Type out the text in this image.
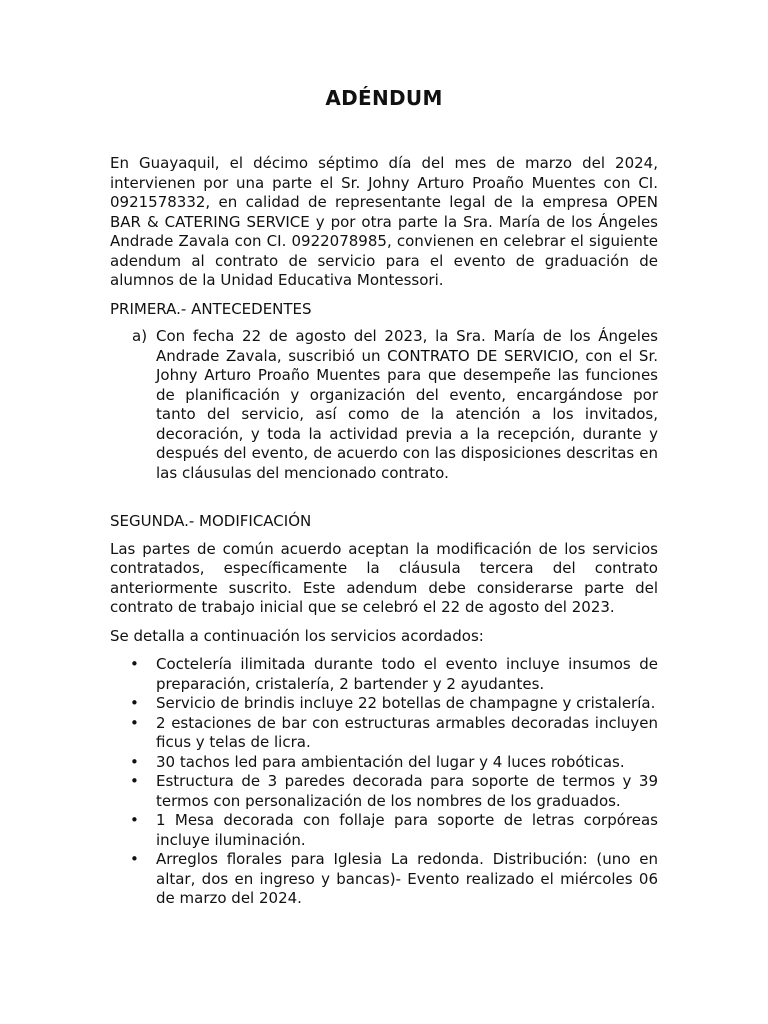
ADÉNDUM

En Guayaquil, el décimo séptimo día del mes de marzo del 2024, intervienen por una parte el Sr. Johny Arturo Proaño Muentes con CI. 0921578332, en calidad de representante legal de la empresa OPEN BAR & CATERING SERVICE y por otra parte la Sra. María de los Ángeles Andrade Zavala con CI. 0922078985, convienen en celebrar el siguiente adendum al contrato de servicio para el evento de graduación de alumnos de la Unidad Educativa Montessori.

PRIMERA.- ANTECEDENTES

a) Con fecha 22 de agosto del 2023, la Sra. María de los Ángeles Andrade Zavala, suscribió un CONTRATO DE SERVICIO, con el Sr. Johny Arturo Proaño Muentes para que desempeñe las funciones de planificación y organización del evento, encargándose por tanto del servicio, así como de la atención a los invitados, decoración, y toda la actividad previa a la recepción, durante y después del evento, de acuerdo con las disposiciones descritas en las cláusulas del mencionado contrato.

SEGUNDA.- MODIFICACIÓN

Las partes de común acuerdo aceptan la modificación de los servicios contratados, específicamente la cláusula tercera del contrato anteriormente suscrito. Este adendum debe considerarse parte del contrato de trabajo inicial que se celebró el 22 de agosto del 2023.

Se detalla a continuación los servicios acordados:

•	Coctelería ilimitada durante todo el evento incluye insumos de preparación, cristalería, 2 bartender y 2 ayudantes.
•	Servicio de brindis incluye 22 botellas de champagne y cristalería.
•	2 estaciones de bar con estructuras armables decoradas incluyen ficus y telas de licra.
•	30 tachos led para ambientación del lugar y 4 luces robóticas.
•	Estructura de 3 paredes decorada para soporte de termos y 39 termos con personalización de los nombres de los graduados.
•	1 Mesa decorada con follaje para soporte de letras corpóreas incluye iluminación.
•	Arreglos florales para Iglesia La redonda. Distribución: (uno en altar, dos en ingreso y bancas)- Evento realizado el miércoles 06 de marzo del 2024.
